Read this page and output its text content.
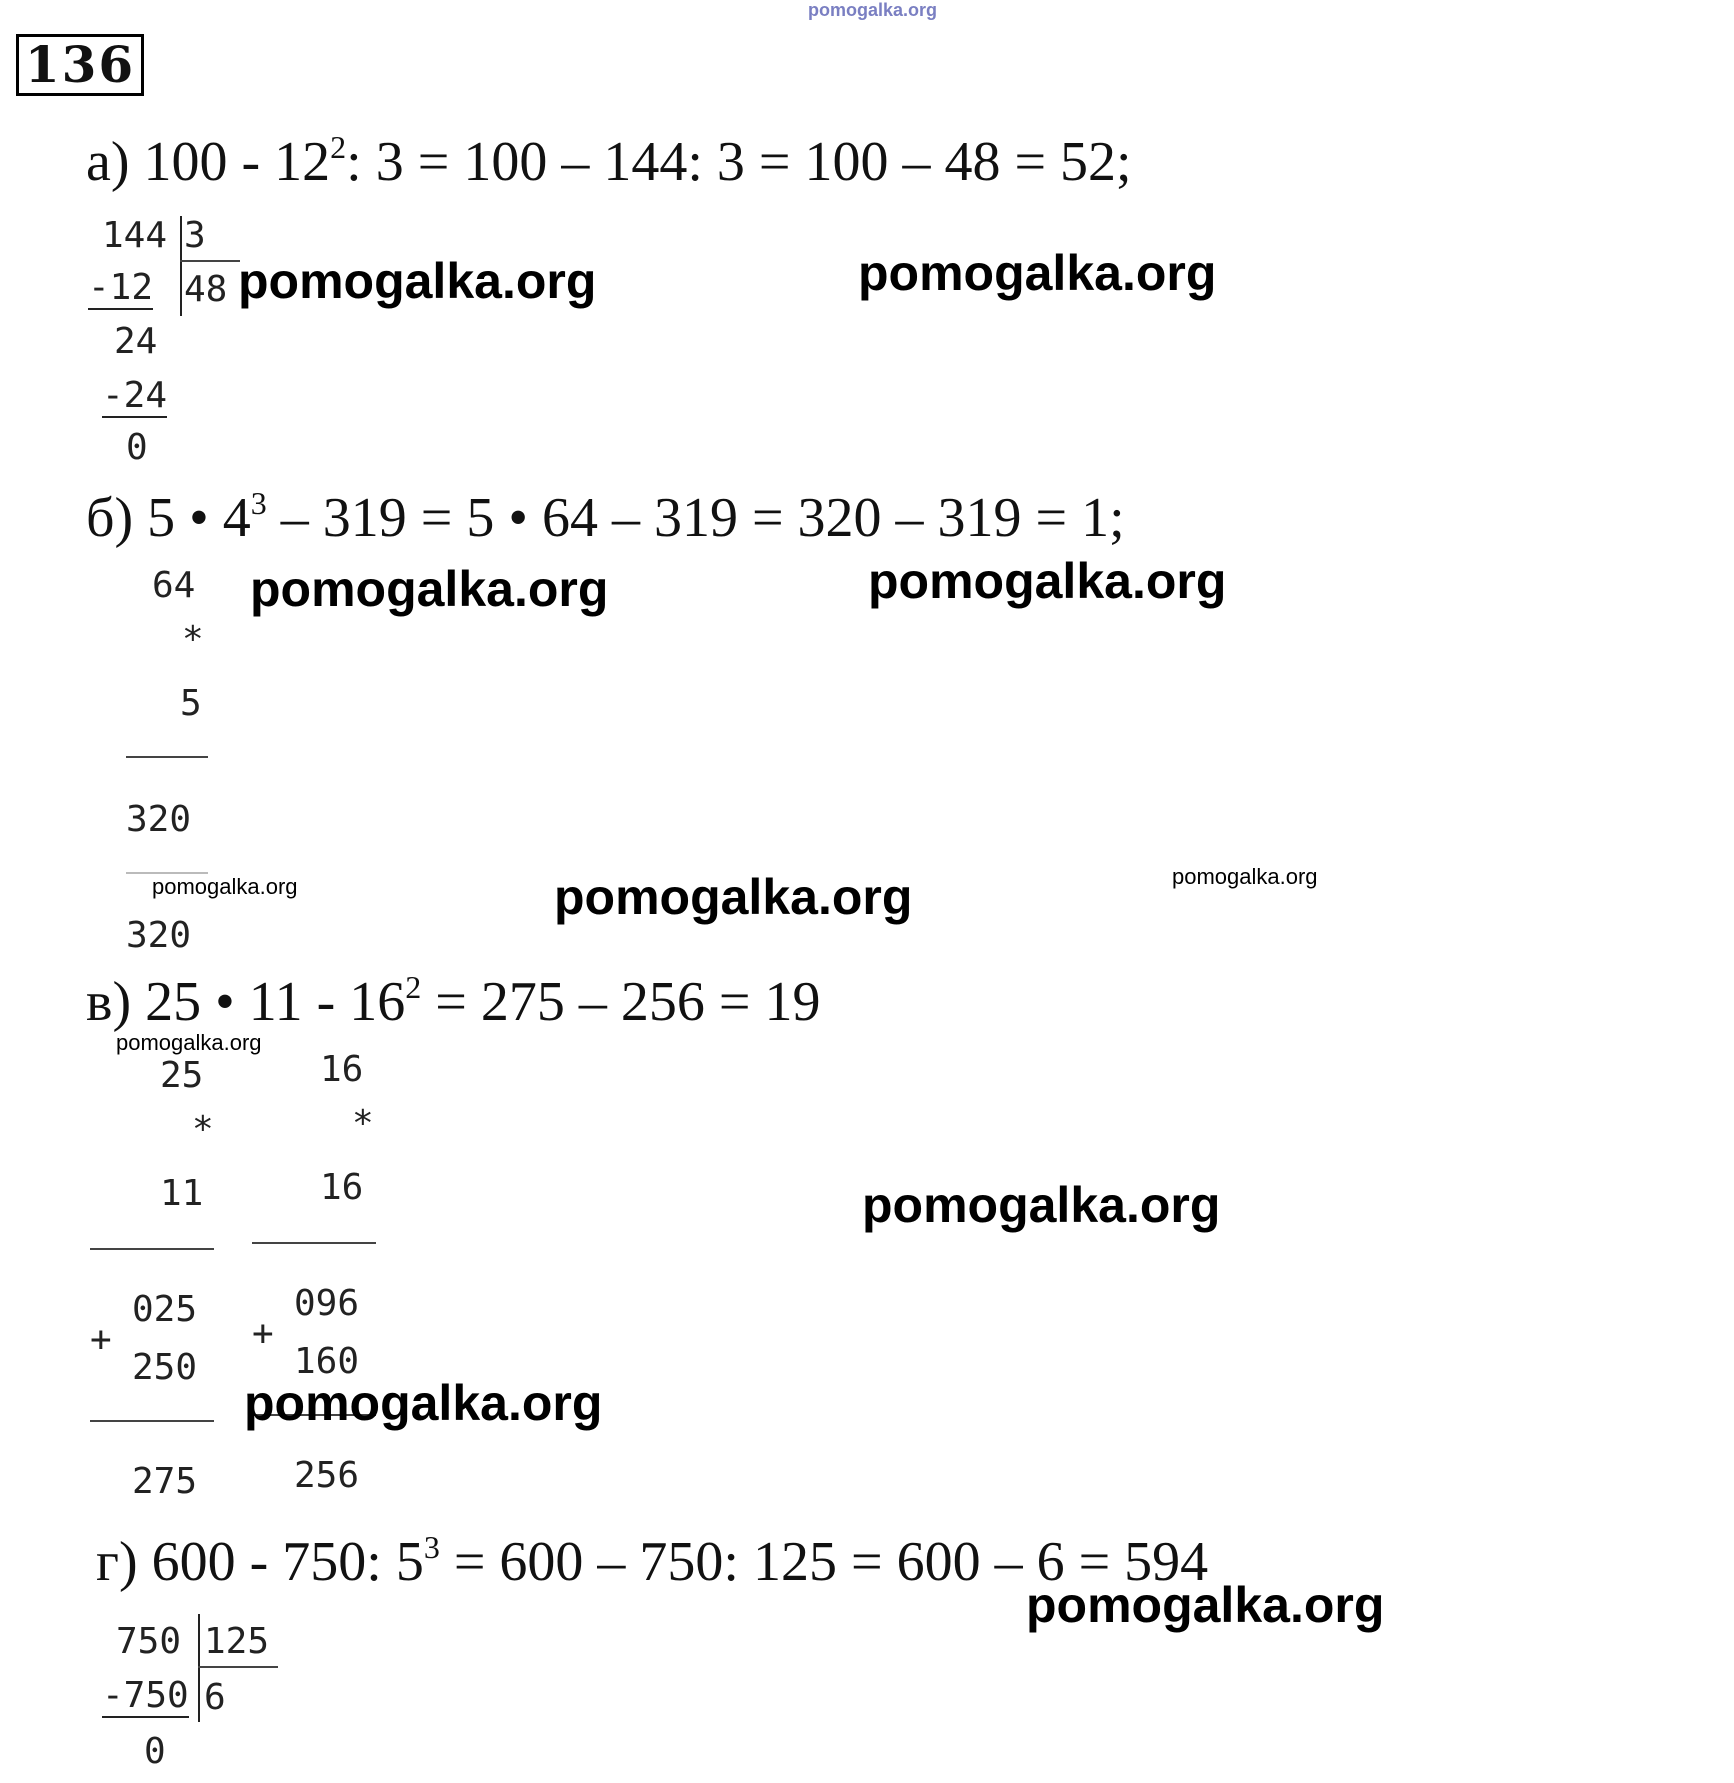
pomogalka.org
136
а) $100 - 12^2$: 3 = 100 – 144: 3 = 100 – 48 = 52;
144 3
-12 48
24
-24
0
pomogalka.org	pomogalka.org
б) 5 • $4^3 - 319 = 5$ • 64 – 319 = 320 – 319 = 1;
64
*
5
320
320
pomogalka.org	pomogalka.org
pomogalka.org	pomogalka.org	pomogalka.org
в) 25 • $11 - 16^2 = 275 - 256 = 19$
pomogalka.org
25
*
11
025
+
250
275
16
*
16
096
+
160
256
pomogalka.org
pomogalka.org
г) 600 - 750: $5^3 = 600 - 750$: 125 = 600 – 6 = 594
pomogalka.org
750 125
-750 6
0
